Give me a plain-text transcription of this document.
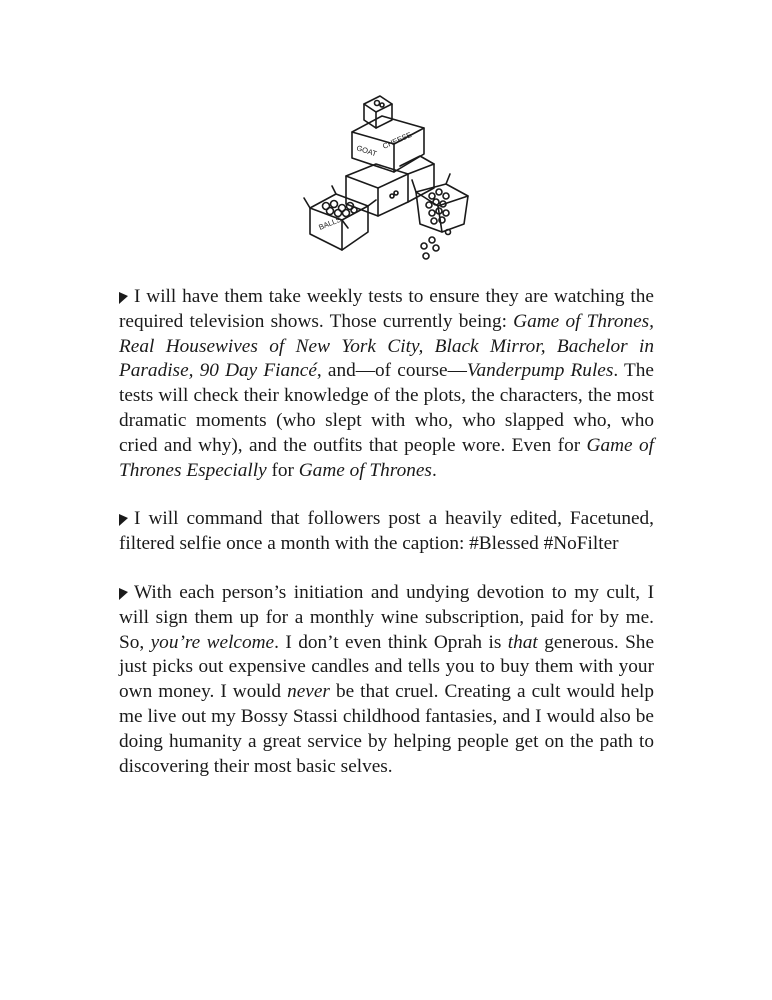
GOAT CHEESE
BALLS

I will have them take weekly tests to ensure they are watching the required television shows. Those currently being: Game of Thrones, Real Housewives of New York City, Black Mirror, Bachelor in Paradise, 90 Day Fiancé, and—of course—Vanderpump Rules. The tests will check their knowledge of the plots, the characters, the most dramatic moments (who slept with who, who slapped who, who cried and why), and the outfits that people wore. Even for Game of Thrones Especially for Game of Thrones.

I will command that followers post a heavily edited, Facetuned, filtered selfie once a month with the caption: #Blessed #NoFilter

With each person’s initiation and undying devotion to my cult, I will sign them up for a monthly wine subscription, paid for by me. So, you’re welcome. I don’t even think Oprah is that generous. She just picks out expensive candles and tells you to buy them with your own money. I would never be that cruel. Creating a cult would help me live out my Bossy Stassi childhood fantasies, and I would also be doing humanity a great service by helping people get on the path to discovering their most basic selves.
